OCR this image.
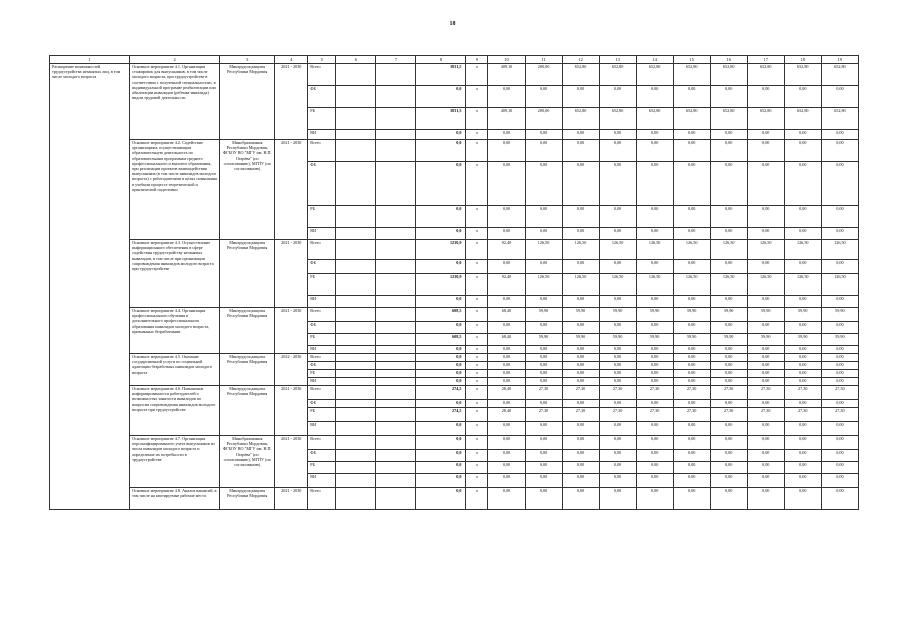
18
1	2	3	4	5	6	7	8	9	10	11	12	13	14	15	16	17	18	19
Расширение возможностей трудоустройства незанятых лиц, в том числе молодого возраста	Основное мероприятие 4.1. Организация стажировок для выпускников, в том числе молодого возраста, при трудоустройстве в соответствии с полученной специальностью, в индивидуальной программе реабилитации или абилитации инвалидов (ребенка-инвалида) видом трудовой деятельности	Минтрудсоцзащиты Республики Мордовия	2021 - 2030	Всего			3831,5	x	409,10	200,00	652,80	652,80	652,80	652,80	652,80	652,80	652,80	652,80
				ФБ			0,0	x	0,00	0,00	0,00	0,00	0,00	0,00	0,00	0,00	0,00	0,00
				РБ			3831,5	x	409,10	200,00	652,80	652,80	652,80	652,80	652,80	652,80	652,80	652,80
				ВИ			0,0	x	0,00	0,00	0,00	0,00	0,00	0,00	0,00	0,00	0,00	0,00
	Основное мероприятие 4.2. Содействие организациям, осуществляющим образовательную деятельность по образовательным программам среднего профессионального и высшего образования, при реализации проектов взаимодействия выпускников (в том числе инвалидов молодого возраста) с работодателями в целях повышения в учебном процессе теоретической и практической подготовки	Минобразования Республики Мордовия, ФГБОУ ВО "МГУ им. Н.П. Огарёва" (по согласованию), МГПУ (по согласованию)	2021 - 2030	Всего			0,0	x	0,00	0,00	0,00	0,00	0,00	0,00	0,00	0,00	0,00	0,00
				ФБ			0,0	x	0,00	0,00	0,00	0,00	0,00	0,00	0,00	0,00	0,00	0,00
				РБ			0,0	x	0,00	0,00	0,00	0,00	0,00	0,00	0,00	0,00	0,00	0,00
				ВИ			0,0	x	0,00	0,00	0,00	0,00	0,00	0,00	0,00	0,00	0,00	0,00
	Основное мероприятие 4.3. Осуществление информационного обеспечения в сфере содействия трудоустройству незанятых инвалидов, в том числе при организации сопровождения инвалидов молодого возраста при трудоустройстве	Минтрудсоцзащиты Республики Мордовия	2021 - 2030	Всего			1230,9	x	92,40	126,50	126,50	126,50	126,50	126,50	126,50	126,50	126,50	126,50
				ФБ			0,0	x	0,00	0,00	0,00	0,00	0,00	0,00	0,00	0,00	0,00	0,00
				РБ			1230,9	x	92,40	126,50	126,50	126,50	126,50	126,50	126,50	126,50	126,50	126,50
				ВИ			0,0	x	0,00	0,00	0,00	0,00	0,00	0,00	0,00	0,00	0,00	0,00
	Основное мероприятие 4.4. Организация профессионального обучения и дополнительного профессионального образования инвалидов молодого возраста, признанных безработными	Минтрудсоцзащиты Республики Мордовия	2021 - 2030	Всего			608,5	x	68,40	59,90	59,90	59,90	59,90	59,90	59,90	59,90	59,90	59,90
				ФБ			0,0	x	0,00	0,00	0,00	0,00	0,00	0,00	0,00	0,00	0,00	0,00
				РБ			608,5	x	68,40	59,90	59,90	59,90	59,90	59,90	59,90	59,90	59,90	59,90
				ВИ			0,0	x	0,00	0,00	0,00	0,00	0,00	0,00	0,00	0,00	0,00	0,00
	Основное мероприятие 4.5. Оказание государственной услуги по социальной адаптации безработных инвалидов молодого возраста	Минтрудсоцзащиты Республики Мордовия	2022 - 2030	Всего			0,0	x	0,00	0,00	0,00	0,00	0,00	0,00	0,00	0,00	0,00	0,00
				ФБ			0,0	x	0,00	0,00	0,00	0,00	0,00	0,00	0,00	0,00	0,00	0,00
				РБ			0,0	x	0,00	0,00	0,00	0,00	0,00	0,00	0,00	0,00	0,00	0,00
				ВИ			0,0	x	0,00	0,00	0,00	0,00	0,00	0,00	0,00	0,00	0,00	0,00
	Основное мероприятие 4.6. Повышение информированности работодателей о возможностях занятости инвалидов по вопросам сопровождения инвалидов молодого возраста при трудоустройстве	Минтрудсоцзащиты Республики Мордовия	2021 - 2030	Всего			274,5	x	28,40	27,30	27,30	27,30	27,30	27,30	27,30	27,30	27,30	27,30
				ФБ			0,0	x	0,00	0,00	0,00	0,00	0,00	0,00	0,00	0,00	0,00	0,00
				РБ			274,5	x	28,40	27,30	27,30	27,30	27,30	27,30	27,30	27,30	27,30	27,30
				ВИ			0,0	x	0,00	0,00	0,00	0,00	0,00	0,00	0,00	0,00	0,00	0,00
	Основное мероприятие 4.7. Организация персонифицированного учета выпускников из числа инвалидов молодого возраста и определение их потребности в трудоустройстве	Минобразования Республики Мордовия, ФГБОУ ВО "МГУ им. Н.П. Огарёва" (по согласованию), МГПУ (по согласованию)	2021 - 2030	Всего			0,0	x	0,00	0,00	0,00	0,00	0,00	0,00	0,00	0,00	0,00	0,00
				ФБ			0,0	x	0,00	0,00	0,00	0,00	0,00	0,00	0,00	0,00	0,00	0,00
				РБ			0,0	x	0,00	0,00	0,00	0,00	0,00	0,00	0,00	0,00	0,00	0,00
				ВИ			0,0	x	0,00	0,00	0,00	0,00	0,00	0,00	0,00	0,00	0,00	0,00
	Основное мероприятие 4.8. Анализ вакансий, в том числе на квотируемые рабочие места	Минтрудсоцзащиты Республики Мордовия	2021 - 2030	Всего			0,0	x	0,00	0,00	0,00	0,00	0,00	0,00	0,00	0,00	0,00	0,00
